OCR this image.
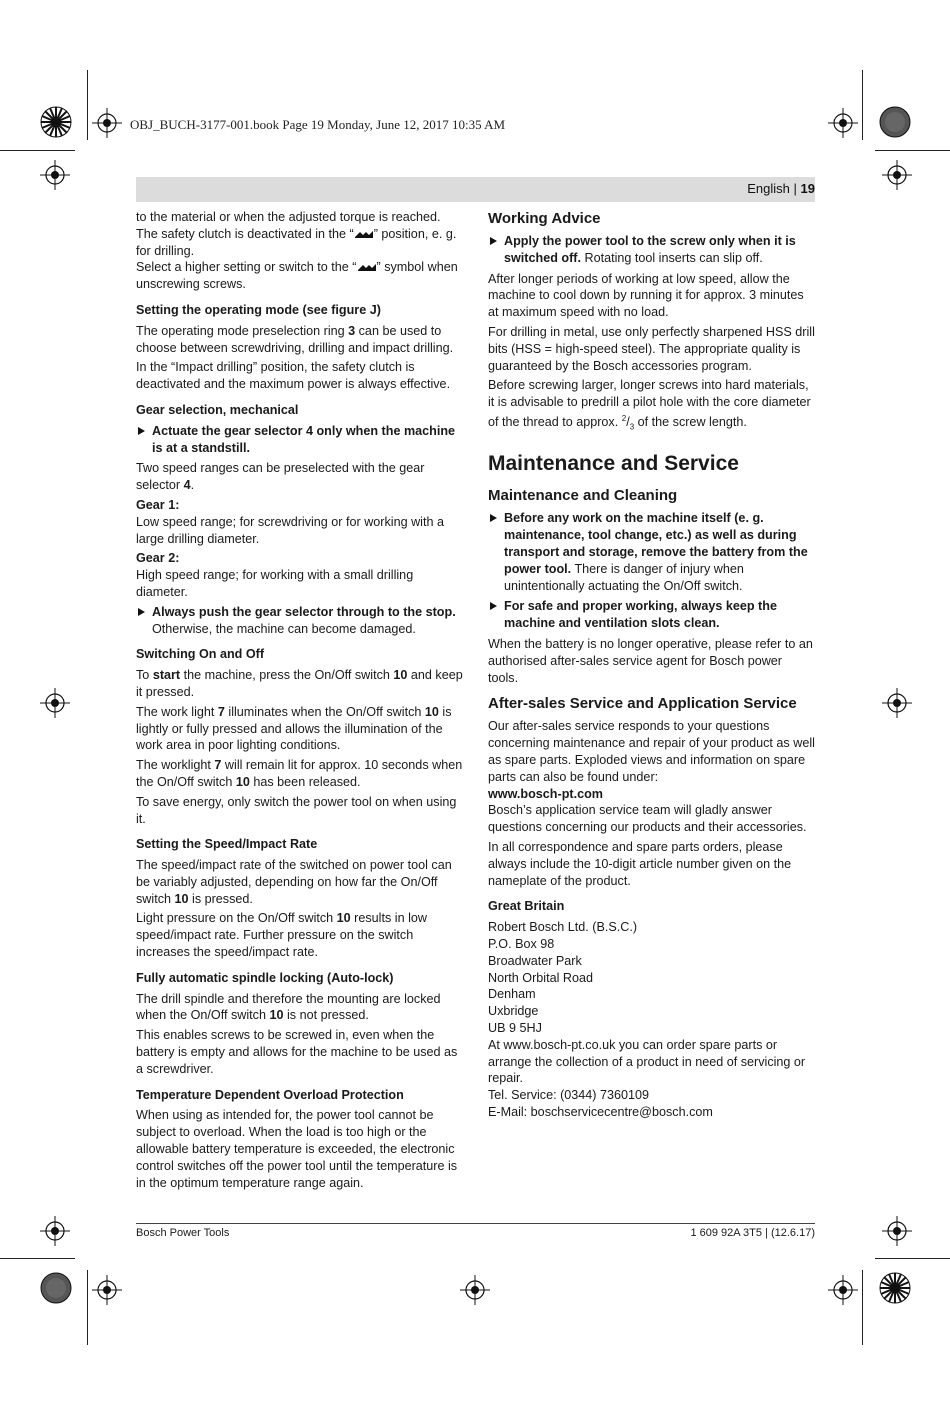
OBJ_BUCH-3177-001.book Page 19 Monday, June 12, 2017 10:35 AM
English | 19

to the material or when the adjusted torque is reached. The safety clutch is deactivated in the “ ” position, e. g. for drilling.
Select a higher setting or switch to the “ ” symbol when unscrewing screws.

Setting the operating mode (see figure J)

The operating mode preselection ring 3 can be used to choose between screwdriving, drilling and impact drilling.

In the “Impact drilling” position, the safety clutch is deactivated and the maximum power is always effective.

Gear selection, mechanical
Actuate the gear selector 4 only when the machine is at a standstill.

Two speed ranges can be preselected with the gear selector 4.

Gear 1:

Low speed range; for screwdriving or for working with a large drilling diameter.

Gear 2:

High speed range; for working with a small drilling diameter.

Always push the gear selector through to the stop. Otherwise, the machine can become damaged.
Switching On and Off

To start the machine, press the On/Off switch 10 and keep it pressed.

The work light 7 illuminates when the On/Off switch 10 is lightly or fully pressed and allows the illumination of the work area in poor lighting conditions.

The worklight 7 will remain lit for approx. 10 seconds when the On/Off switch 10 has been released.

To save energy, only switch the power tool on when using it.

Setting the Speed/Impact Rate

The speed/impact rate of the switched on power tool can be variably adjusted, depending on how far the On/Off switch 10 is pressed.

Light pressure on the On/Off switch 10 results in low speed/impact rate. Further pressure on the switch increases the speed/impact rate.

Fully automatic spindle locking (Auto-lock)

The drill spindle and therefore the mounting are locked when the On/Off switch 10 is not pressed.

This enables screws to be screwed in, even when the battery is empty and allows for the machine to be used as a screwdriver.

Temperature Dependent Overload Protection

When using as intended for, the power tool cannot be subject to overload. When the load is too high or the allowable battery temperature is exceeded, the electronic control switches off the power tool until the temperature is in the optimum temperature range again.

Working Advice
Apply the power tool to the screw only when it is switched off. Rotating tool inserts can slip off.

After longer periods of working at low speed, allow the machine to cool down by running it for approx. 3 minutes at maximum speed with no load.

For drilling in metal, use only perfectly sharpened HSS drill bits (HSS = high-speed steel). The appropriate quality is guaranteed by the Bosch accessories program.

Before screwing larger, longer screws into hard materials, it is advisable to predrill a pilot hole with the core diameter of the thread to approx. $^2/_3$ of the screw length.

Maintenance and Service
Maintenance and Cleaning
Before any work on the machine itself (e. g. maintenance, tool change, etc.) as well as during transport and storage, remove the battery from the power tool. There is danger of injury when unintentionally actuating the On/Off switch.
For safe and proper working, always keep the machine and ventilation slots clean.

When the battery is no longer operative, please refer to an authorised after-sales service agent for Bosch power tools.

After-sales Service and Application Service

Our after-sales service responds to your questions concerning maintenance and repair of your product as well as spare parts. Exploded views and information on spare parts can also be found under:

www.bosch-pt.com

Bosch’s application service team will gladly answer questions concerning our products and their accessories.

In all correspondence and spare parts orders, please always include the 10-digit article number given on the nameplate of the product.

Great Britain

Robert Bosch Ltd. (B.S.C.)

P.O. Box 98

Broadwater Park

North Orbital Road

Denham

Uxbridge

UB 9 5HJ

At www.bosch-pt.co.uk you can order spare parts or arrange the collection of a product in need of servicing or repair.

Tel. Service: (0344) 7360109

E-Mail: boschservicecentre@bosch.com

Bosch Power Tools	1 609 92A 3T5 | (12.6.17)
